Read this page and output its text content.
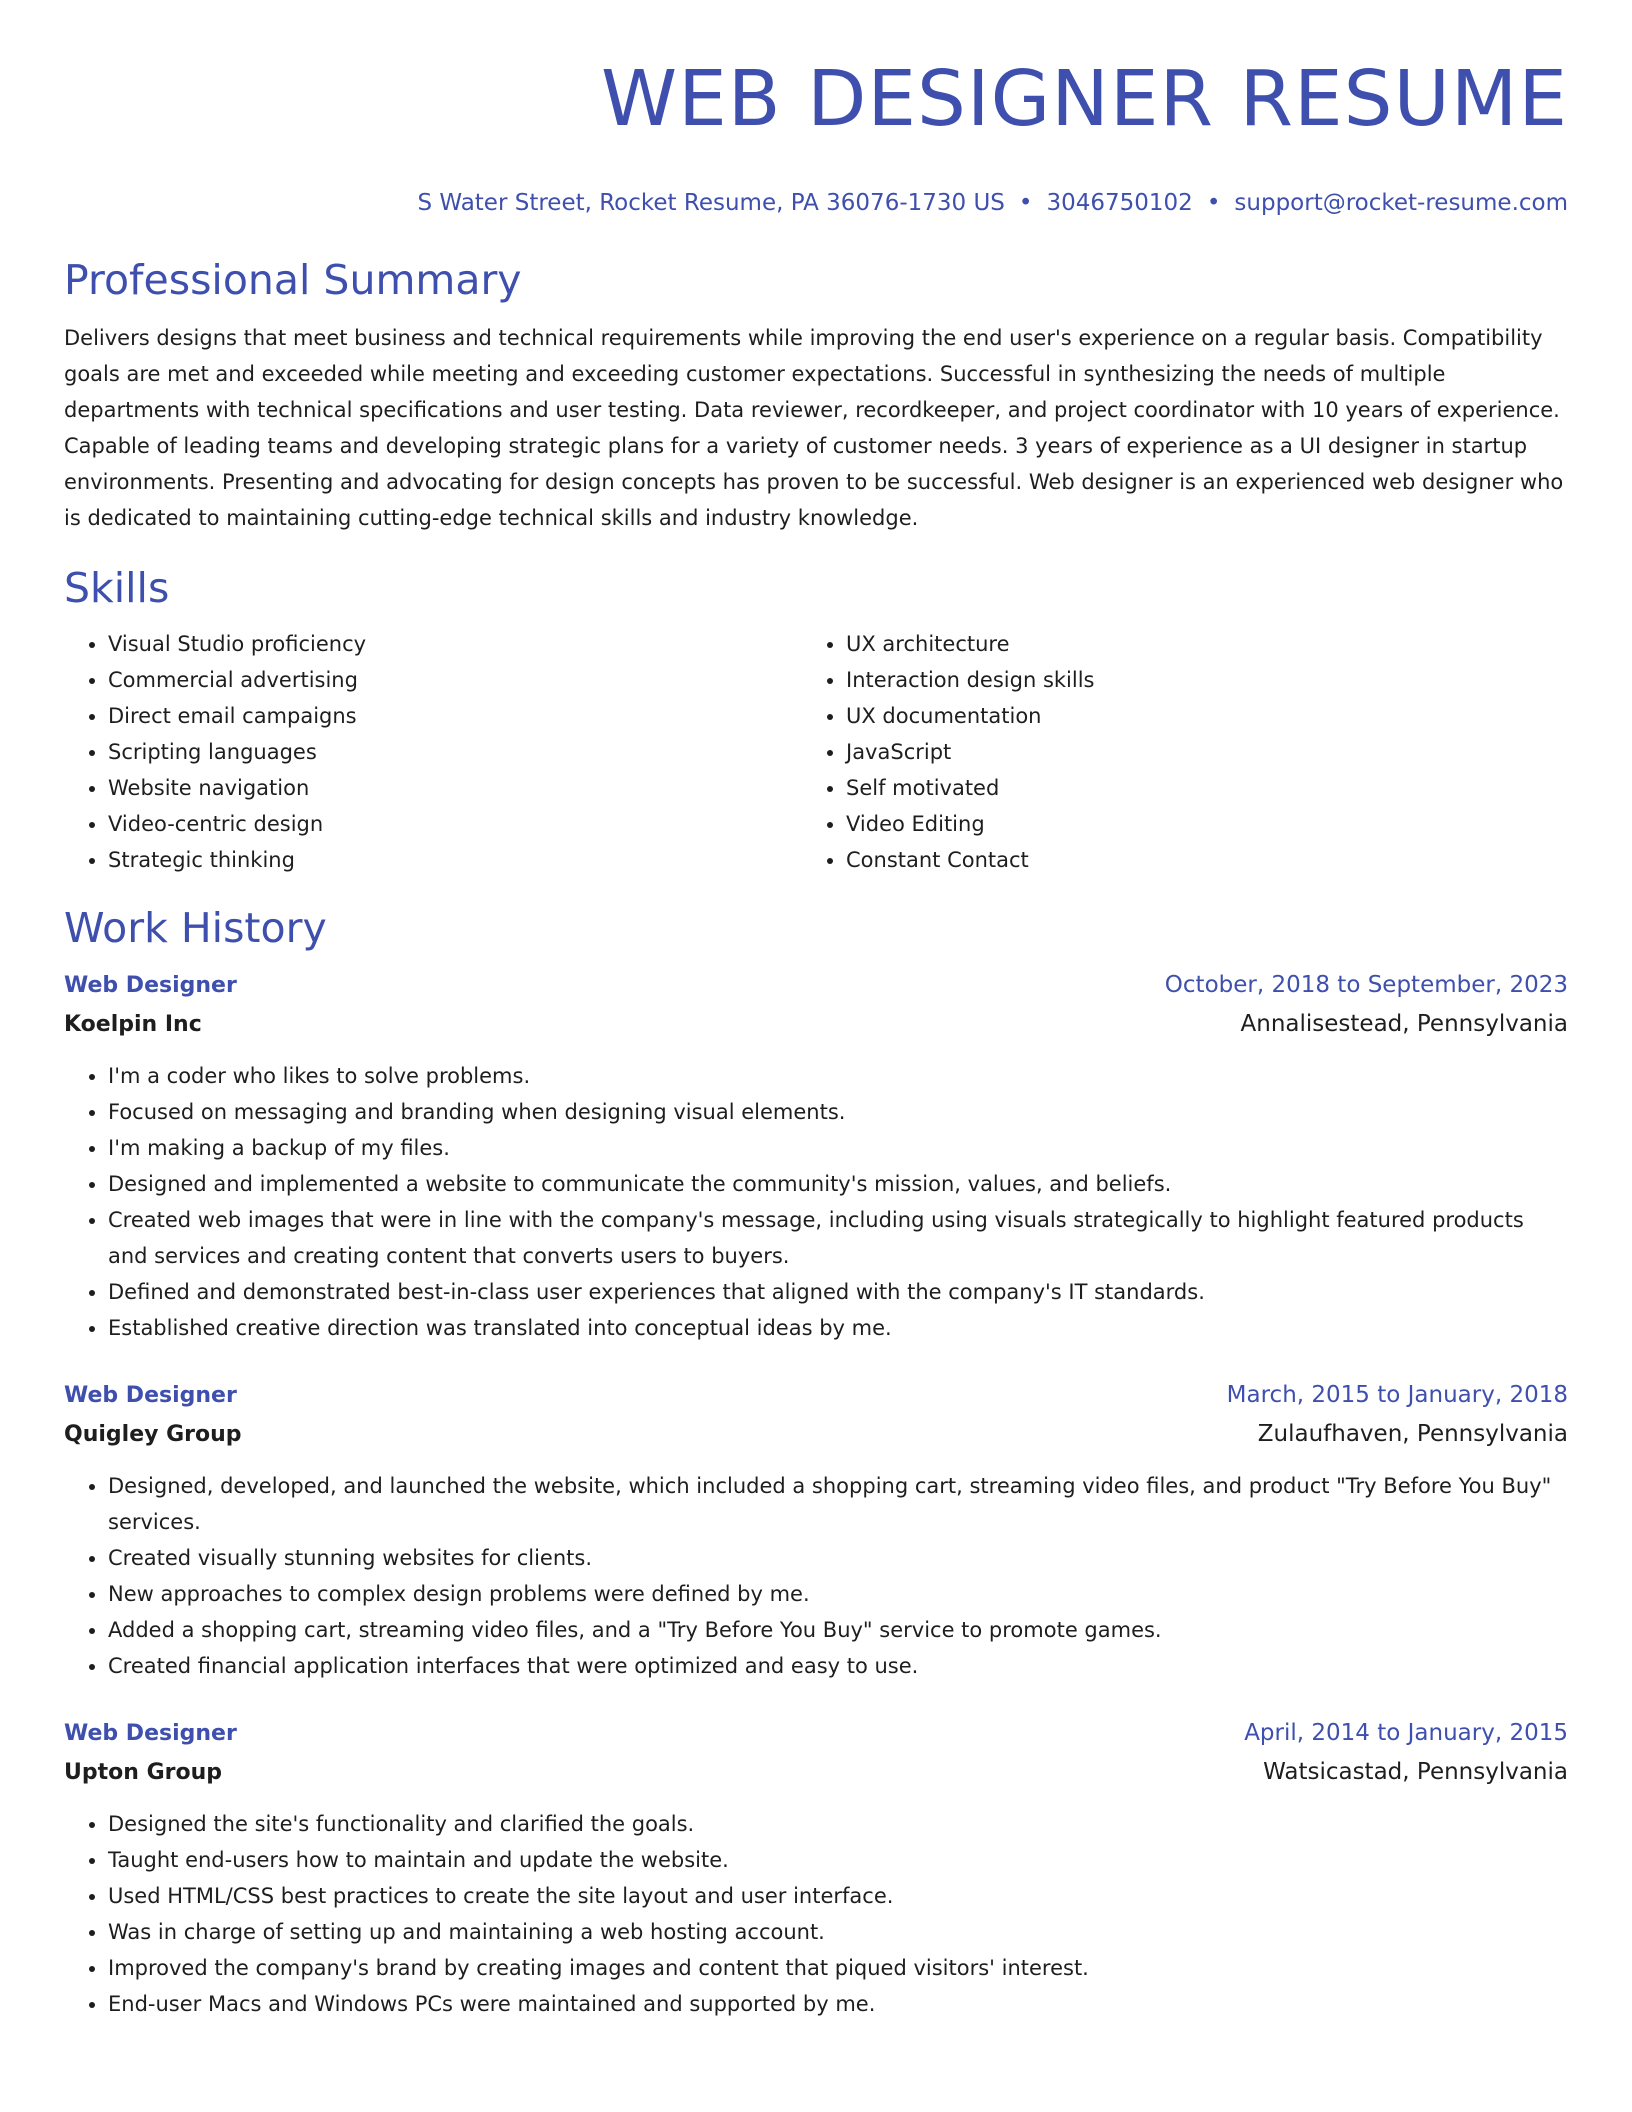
WEB DESIGNER RESUME
S Water Street, Rocket Resume, PA 36076-1730 US • 3046750102 • support@rocket-resume.com
Professional Summary

Delivers designs that meet business and technical requirements while improving the end user's experience on a regular basis. Compatibility goals are met and exceeded while meeting and exceeding customer expectations. Successful in synthesizing the needs of multiple departments with technical specifications and user testing. Data reviewer, recordkeeper, and project coordinator with 10 years of experience. Capable of leading teams and developing strategic plans for a variety of customer needs. 3 years of experience as a UI designer in startup environments. Presenting and advocating for design concepts has proven to be successful. Web designer is an experienced web designer who is dedicated to maintaining cutting-edge technical skills and industry knowledge.

Skills
• Visual Studio proficiency
• Commercial advertising
• Direct email campaigns
• Scripting languages
• Website navigation
• Video-centric design
• Strategic thinking
• UX architecture
• Interaction design skills
• UX documentation
• JavaScript
• Self motivated
• Video Editing
• Constant Contact
Work History
Web Designer	October, 2018 to September, 2023
Koelpin Inc	Annalisestead, Pennsylvania
• I'm a coder who likes to solve problems.
• Focused on messaging and branding when designing visual elements.
• I'm making a backup of my files.
• Designed and implemented a website to communicate the community's mission, values, and beliefs.
• Created web images that were in line with the company's message, including using visuals strategically to highlight featured products and services and creating content that converts users to buyers.
• Defined and demonstrated best-in-class user experiences that aligned with the company's IT standards.
• Established creative direction was translated into conceptual ideas by me.
Web Designer	March, 2015 to January, 2018
Quigley Group	Zulaufhaven, Pennsylvania
• Designed, developed, and launched the website, which included a shopping cart, streaming video files, and product "Try Before You Buy" services.
• Created visually stunning websites for clients.
• New approaches to complex design problems were defined by me.
• Added a shopping cart, streaming video files, and a "Try Before You Buy" service to promote games.
• Created financial application interfaces that were optimized and easy to use.
Web Designer	April, 2014 to January, 2015
Upton Group	Watsicastad, Pennsylvania
• Designed the site's functionality and clarified the goals.
• Taught end-users how to maintain and update the website.
• Used HTML/CSS best practices to create the site layout and user interface.
• Was in charge of setting up and maintaining a web hosting account.
• Improved the company's brand by creating images and content that piqued visitors' interest.
• End-user Macs and Windows PCs were maintained and supported by me.
